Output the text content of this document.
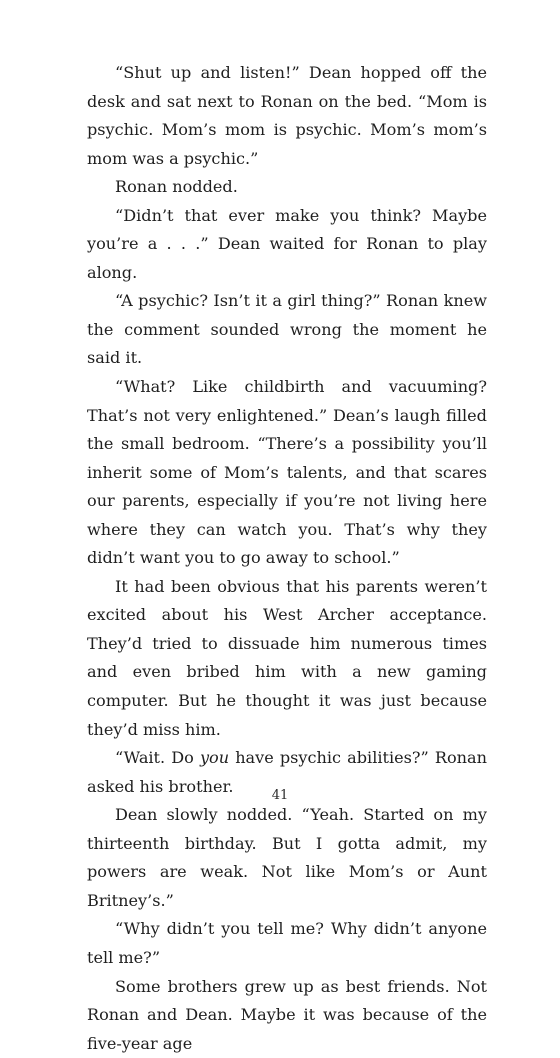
“Shut up and listen!” Dean hopped off the desk and sat next to Ronan on the bed. “Mom is psychic. Mom’s mom is psychic. Mom’s mom’s mom was a psychic.”

Ronan nodded.

“Didn’t that ever make you think? Maybe you’re a . . .” Dean waited for Ronan to play along.

“A psychic? Isn’t it a girl thing?” Ronan knew the comment sounded wrong the moment he said it.

“What? Like childbirth and vacuuming? That’s not very enlightened.” Dean’s laugh filled the small bedroom. “There’s a possibility you’ll inherit some of Mom’s talents, and that scares our parents, especially if you’re not living here where they can watch you. That’s why they didn’t want you to go away to school.”

It had been obvious that his parents weren’t excited about his West Archer acceptance. They’d tried to dissuade him numerous times and even bribed him with a new gaming computer. But he thought it was just because they’d miss him.

“Wait. Do you have psychic abilities?” Ronan asked his brother.

Dean slowly nodded. “Yeah. Started on my thirteenth birthday. But I gotta admit, my powers are weak. Not like Mom’s or Aunt Britney’s.”

“Why didn’t you tell me? Why didn’t anyone tell me?”

Some brothers grew up as best friends. Not Ronan and Dean. Maybe it was because of the five-year age

41
